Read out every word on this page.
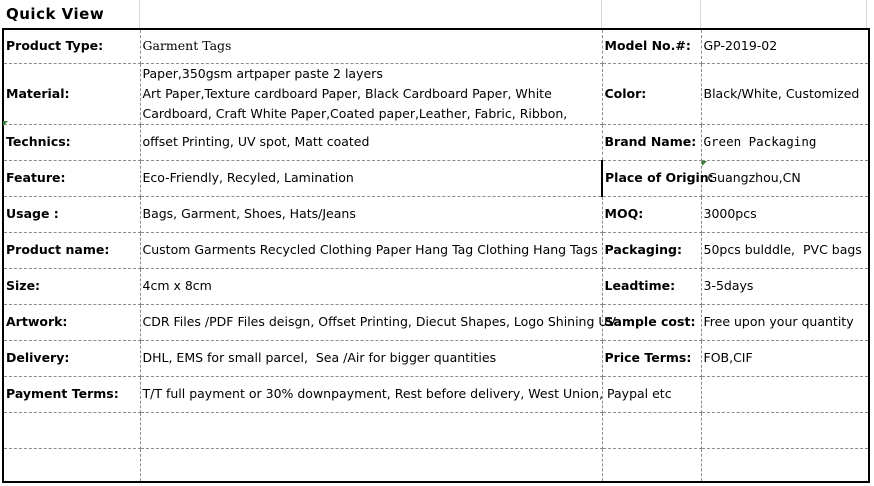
Quick View
Product Type:	Garment Tags	Model No.#:	GP-2019-02
Material:	Paper,350gsm artpaper paste 2 layers
Art Paper,Texture cardboard Paper, Black Cardboard Paper, White
Cardboard, Craft White Paper,Coated paper,Leather, Fabric, Ribbon,	Color:	Black/White, Customized
Technics:	offset Printing, UV spot, Matt coated	Brand Name:	Green Packaging
Feature:	Eco-Friendly, Recyled, Lamination	Place of Origin:	Guangzhou,CN
Usage :	Bags, Garment, Shoes, Hats/Jeans	MOQ:	3000pcs
Product name:	Custom Garments Recycled Clothing Paper Hang Tag Clothing Hang Tags	Packaging:	50pcs bulddle,  PVC bags
Size:	4cm x 8cm	Leadtime:	3-5days
Artwork:	CDR Files /PDF Files deisgn, Offset Printing, Diecut Shapes, Logo Shining UV	Sample cost:	Free upon your quantity
Delivery:	DHL, EMS for small parcel,  Sea /Air for bigger quantities	Price Terms:	FOB,CIF
Payment Terms:	T/T full payment or 30% downpayment, Rest before delivery, West Union, Paypal etc		
